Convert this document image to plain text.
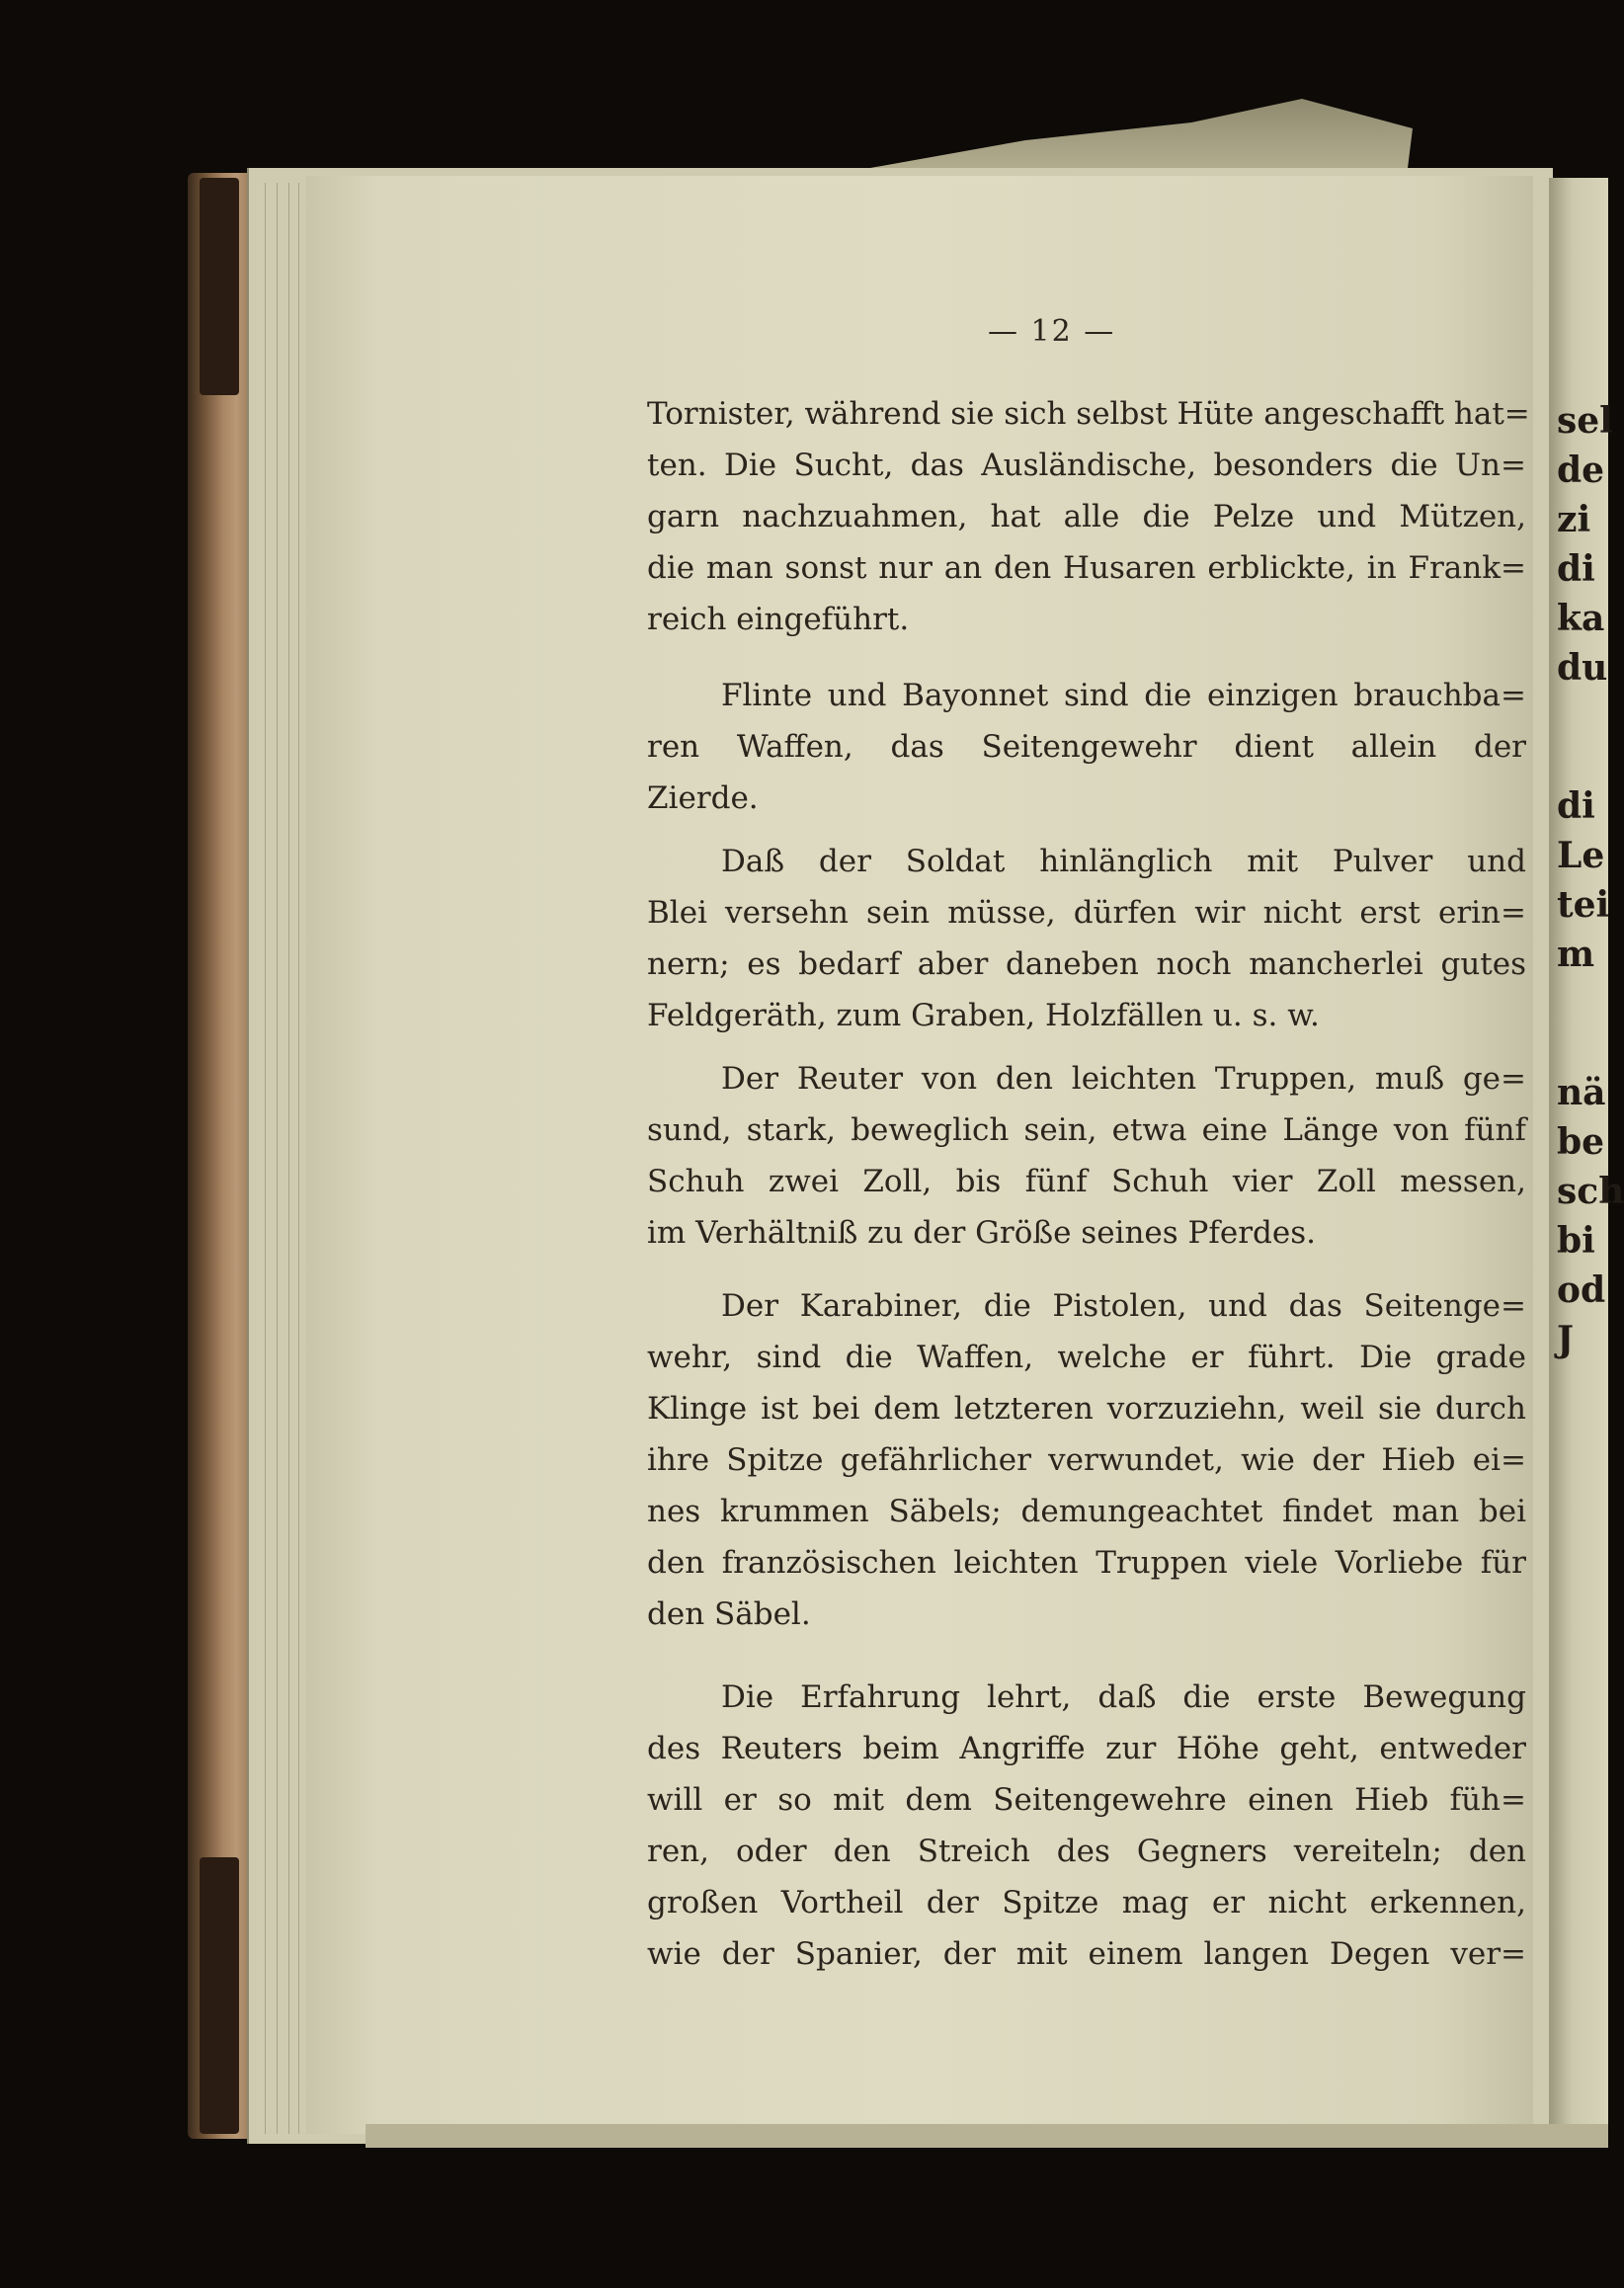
sel
de
zi
di
ka
du
di
Le
tei
m
nä
be
sch
bi
od
J
— 12 —
Tornister, während sie sich selbst Hüte angeschafft hat=
ten. Die Sucht, das Ausländische, besonders die Un=
garn nachzuahmen, hat alle die Pelze und Mützen,
die man sonst nur an den Husaren erblickte, in Frank=
reich eingeführt.
Flinte und Bayonnet sind die einzigen brauchba=
ren Waffen, das Seitengewehr dient allein der
Zierde.
Daß der Soldat hinlänglich mit Pulver und
Blei versehn sein müsse, dürfen wir nicht erst erin=
nern; es bedarf aber daneben noch mancherlei gutes
Feldgeräth, zum Graben, Holzfällen u. s. w.
Der Reuter von den leichten Truppen, muß ge=
sund, stark, beweglich sein, etwa eine Länge von fünf
Schuh zwei Zoll, bis fünf Schuh vier Zoll messen,
im Verhältniß zu der Größe seines Pferdes.
Der Karabiner, die Pistolen, und das Seitenge=
wehr, sind die Waffen, welche er führt. Die grade
Klinge ist bei dem letzteren vorzuziehn, weil sie durch
ihre Spitze gefährlicher verwundet, wie der Hieb ei=
nes krummen Säbels; demungeachtet findet man bei
den französischen leichten Truppen viele Vorliebe für
den Säbel.
Die Erfahrung lehrt, daß die erste Bewegung
des Reuters beim Angriffe zur Höhe geht, entweder
will er so mit dem Seitengewehre einen Hieb füh=
ren, oder den Streich des Gegners vereiteln; den
großen Vortheil der Spitze mag er nicht erkennen,
wie der Spanier, der mit einem langen Degen ver=
